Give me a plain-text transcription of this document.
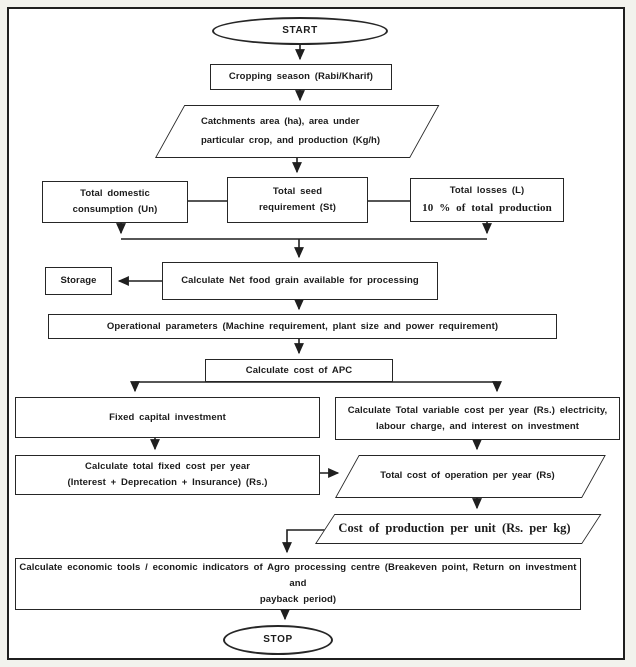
START
Cropping season (Rabi/Kharif)
Catchments area (ha), area under
particular crop, and production (Kg/h)
Total domestic
consumption (Un)
Total seed
requirement (St)
Total losses (L)
10 % of total production
Storage	Calculate Net food grain available for processing
Operational parameters (Machine requirement, plant size and power requirement)
Calculate cost of APC
Fixed capital investment
Calculate Total variable cost per year (Rs.) electricity,
labour charge, and interest on investment
Calculate total fixed cost per year
(Interest + Deprecation + Insurance) (Rs.)
Total cost of operation per year (Rs)
Cost of production per unit (Rs. per kg)
Calculate economic tools / economic indicators of Agro processing centre (Breakeven point, Return on investment and
payback period)
STOP
